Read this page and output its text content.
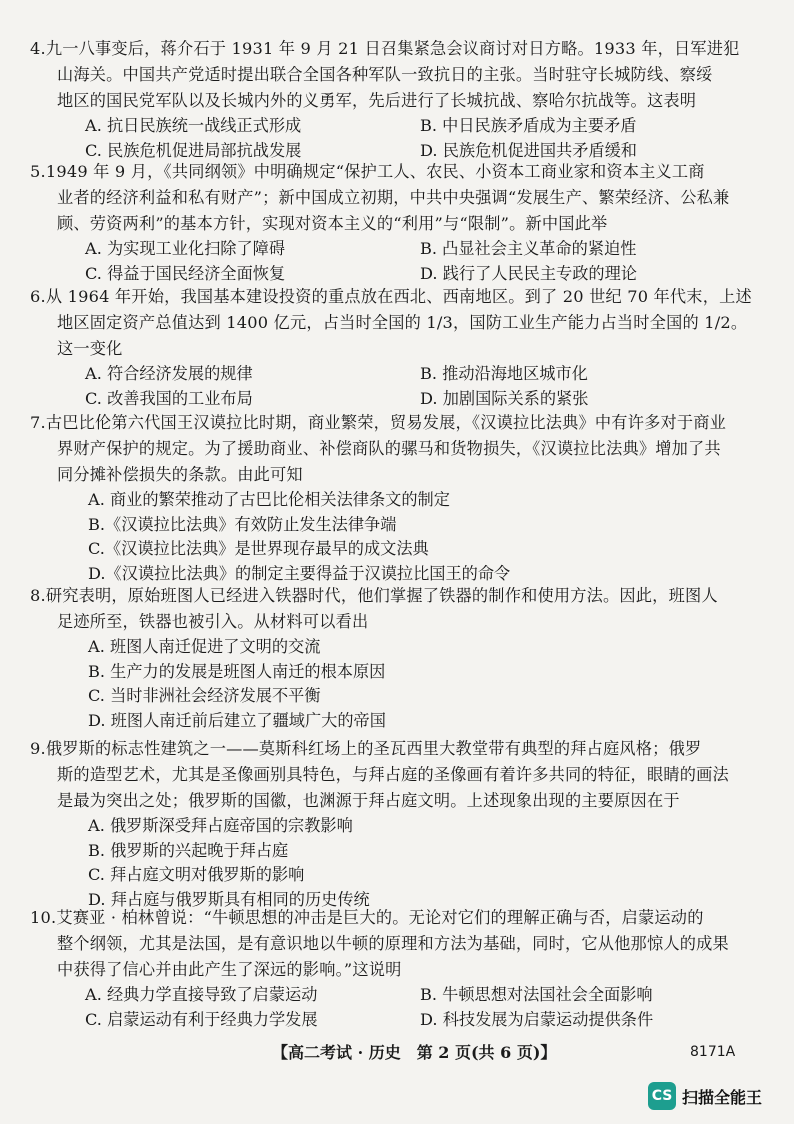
4.九一八事变后，蒋介石于 1931 年 9 月 21 日召集紧急会议商讨对日方略。1933 年，日军进犯
山海关。中国共产党适时提出联合全国各种军队一致抗日的主张。当时驻守长城防线、察绥
地区的国民党军队以及长城内外的义勇军，先后进行了长城抗战、察哈尔抗战等。这表明
A. 抗日民族统一战线正式形成	B. 中日民族矛盾成为主要矛盾
C. 民族危机促进局部抗战发展	D. 民族危机促进国共矛盾缓和
5.1949 年 9 月，《共同纲领》中明确规定“保护工人、农民、小资本工商业家和资本主义工商
业者的经济利益和私有财产”；新中国成立初期，中共中央强调“发展生产、繁荣经济、公私兼
顾、劳资两利”的基本方针，实现对资本主义的“利用”与“限制”。新中国此举
A. 为实现工业化扫除了障碍	B. 凸显社会主义革命的紧迫性
C. 得益于国民经济全面恢复	D. 践行了人民民主专政的理论
6.从 1964 年开始，我国基本建设投资的重点放在西北、西南地区。到了 20 世纪 70 年代末，上述
地区固定资产总值达到 1400 亿元，占当时全国的 1/3，国防工业生产能力占当时全国的 1/2。
这一变化
A. 符合经济发展的规律	B. 推动沿海地区城市化
C. 改善我国的工业布局	D. 加剧国际关系的紧张
7.古巴比伦第六代国王汉谟拉比时期，商业繁荣，贸易发展，《汉谟拉比法典》中有许多对于商业
界财产保护的规定。为了援助商业、补偿商队的骡马和货物损失，《汉谟拉比法典》增加了共
同分摊补偿损失的条款。由此可知
A. 商业的繁荣推动了古巴比伦相关法律条文的制定
B.《汉谟拉比法典》有效防止发生法律争端
C.《汉谟拉比法典》是世界现存最早的成文法典
D.《汉谟拉比法典》的制定主要得益于汉谟拉比国王的命令
8.研究表明，原始班图人已经进入铁器时代，他们掌握了铁器的制作和使用方法。因此，班图人
足迹所至，铁器也被引入。从材料可以看出
A. 班图人南迁促进了文明的交流
B. 生产力的发展是班图人南迁的根本原因
C. 当时非洲社会经济发展不平衡
D. 班图人南迁前后建立了疆域广大的帝国
9.俄罗斯的标志性建筑之一——莫斯科红场上的圣瓦西里大教堂带有典型的拜占庭风格；俄罗
斯的造型艺术，尤其是圣像画别具特色，与拜占庭的圣像画有着许多共同的特征，眼睛的画法
是最为突出之处；俄罗斯的国徽，也渊源于拜占庭文明。上述现象出现的主要原因在于
A. 俄罗斯深受拜占庭帝国的宗教影响
B. 俄罗斯的兴起晚于拜占庭
C. 拜占庭文明对俄罗斯的影响
D. 拜占庭与俄罗斯具有相同的历史传统
10.艾赛亚 · 柏林曾说：“牛顿思想的冲击是巨大的。无论对它们的理解正确与否，启蒙运动的
整个纲领，尤其是法国，是有意识地以牛顿的原理和方法为基础，同时，它从他那惊人的成果
中获得了信心并由此产生了深远的影响。”这说明
A. 经典力学直接导致了启蒙运动	B. 牛顿思想对法国社会全面影响
C. 启蒙运动有利于经典力学发展	D. 科技发展为启蒙运动提供条件
【高二考试 · 历史　第 2 页(共 6 页)】	8171A
CS 扫描全能王
